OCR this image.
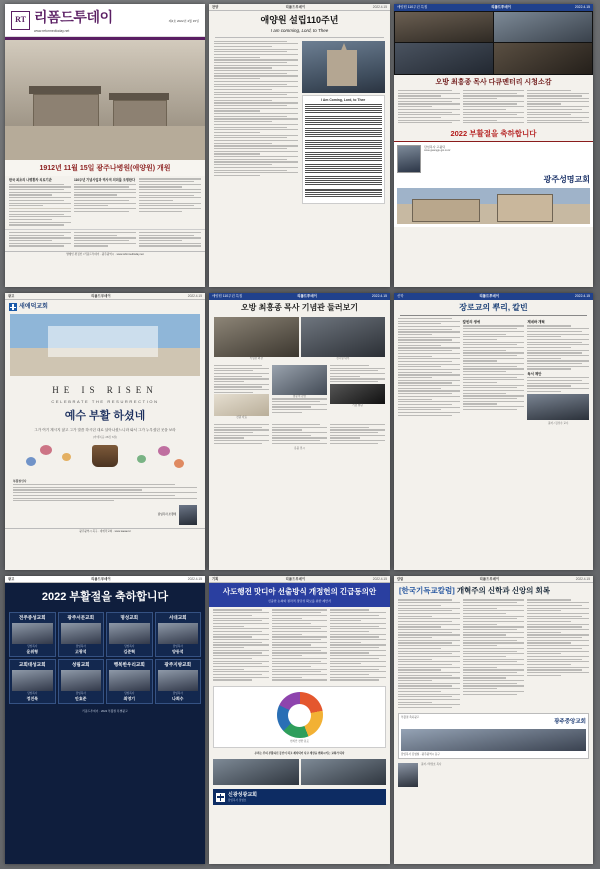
RT 리폼드투데이
www.reformedtoday.net
제4호 2022년 4월 15일
1912년 11월 15일 광주나병원(애양원) 개원
한국 최초의 나병환자 치료기관	110주년 기념사업과 역사적 의미를 조명한다
발행인·편집인 / 리폼드투데이 · 광주광역시 · www.reformedtoday.net
찬양	리폼드투데이	2022.4.15
애양원 설립110주년
I am comming, Lord, to Thee
I Am Coming, Lord, to Thee
애양원 110주년 특집	리폼드투데이	2022.4.15
오방 최흥종 목사 다큐멘터리 시청소감
2022 부활절을 축하합니다
담임목사 고광덕
www.gwangju-gio.co.kr
광주성명교회
광고	리폼드투데이	2022.4.15
새애덕교회
HE IS RISEN
CELEBRATE THE RESURRECTION
예수 부활 하셨네
그가 여기 계시지 않고 그가 말씀 하시던 대로 살아나셨느니라 와서 그가 누우셨던 곳을 보라
(마태복음 28장 6절)
부활절인사
담임목사 조경배
광주광역시 북구 · 새애덕교회 · www.saeae.kr
애양원 110주년 특집	리폼드투데이	2022.4.15
오방 최흥종 목사 기념관 둘러보기
기념관 외관	전시실 내부
친필 자료
방문객 관람
기념 현판
유품 전시
신학	리폼드투데이	2022.4.15
장로교의 뿌리, 칼빈
칼빈의 생애	제네바 개혁
독서 제안
필자 / 김성수 교수
광고	리폼드투데이	2022.4.15
2022 부활절을 축하합니다
전주중성교회
담임목사
윤위형
광주서문교회
담임목사
고광석
명성교회
담임목사
김준혁
서대교회
담임목사
양동석
교회대성교회
담임목사
정진묵
성림교회
담임목사
안효준
행복한우리교회
담임목사
최영기
광주지방교회
담임목사
나희수
리폼드투데이 · 2022 부활절 특별광고
기획	리폼드투데이	2022.4.15
사도행전 맛디아 선출방식 개정헌의 긴급동의안
신중한 논의와 절차적 정당성 확보를 위한 제안서
헌의안 찬반 분포
우리는 주의 부활하신 증인이 되고 제자되어 사고 세상을 변화시키는 교회가 되자
신광성광교회
담임목사 정영호
칼럼	리폼드투데이	2022.4.15
[한국기독교칼럼] 개혁주의 신학과 신앙의 회복
부활절 축하광고
광주중앙교회
담임목사 김영철 · 광주광역시 동구
필자 / 박정호 목사
